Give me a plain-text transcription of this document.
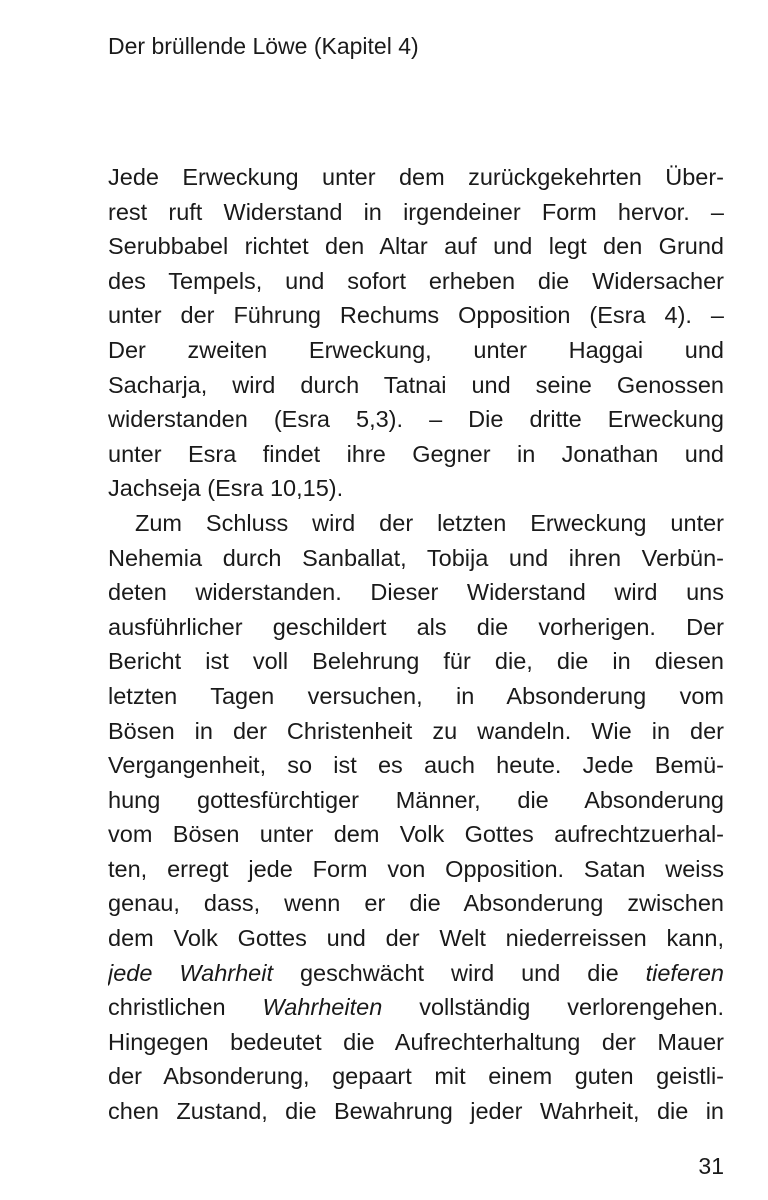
Der brüllende Löwe (Kapitel 4)
Jede Erweckung unter dem zurückgekehrten Über-
rest ruft Widerstand in irgendeiner Form hervor. –
Serubbabel richtet den Altar auf und legt den Grund
des Tempels, und sofort erheben die Widersacher
unter der Führung Rechums Opposition (Esra 4). –
Der zweiten Erweckung, unter Haggai und
Sacharja, wird durch Tatnai und seine Genossen
widerstanden (Esra 5,3). – Die dritte Erweckung
unter Esra findet ihre Gegner in Jonathan und
Jachseja (Esra 10,15).
Zum Schluss wird der letzten Erweckung unter
Nehemia durch Sanballat, Tobija und ihren Verbün-
deten widerstanden. Dieser Widerstand wird uns
ausführlicher geschildert als die vorherigen. Der
Bericht ist voll Belehrung für die, die in diesen
letzten Tagen versuchen, in Absonderung vom
Bösen in der Christenheit zu wandeln. Wie in der
Vergangenheit, so ist es auch heute. Jede Bemü-
hung gottesfürchtiger Männer, die Absonderung
vom Bösen unter dem Volk Gottes aufrechtzuerhal-
ten, erregt jede Form von Opposition. Satan weiss
genau, dass, wenn er die Absonderung zwischen
dem Volk Gottes und der Welt niederreissen kann,
jede Wahrheit geschwächt wird und die tieferen
christlichen Wahrheiten vollständig verlorengehen.
Hingegen bedeutet die Aufrechterhaltung der Mauer
der Absonderung, gepaart mit einem guten geistli-
chen Zustand, die Bewahrung jeder Wahrheit, die in
31
